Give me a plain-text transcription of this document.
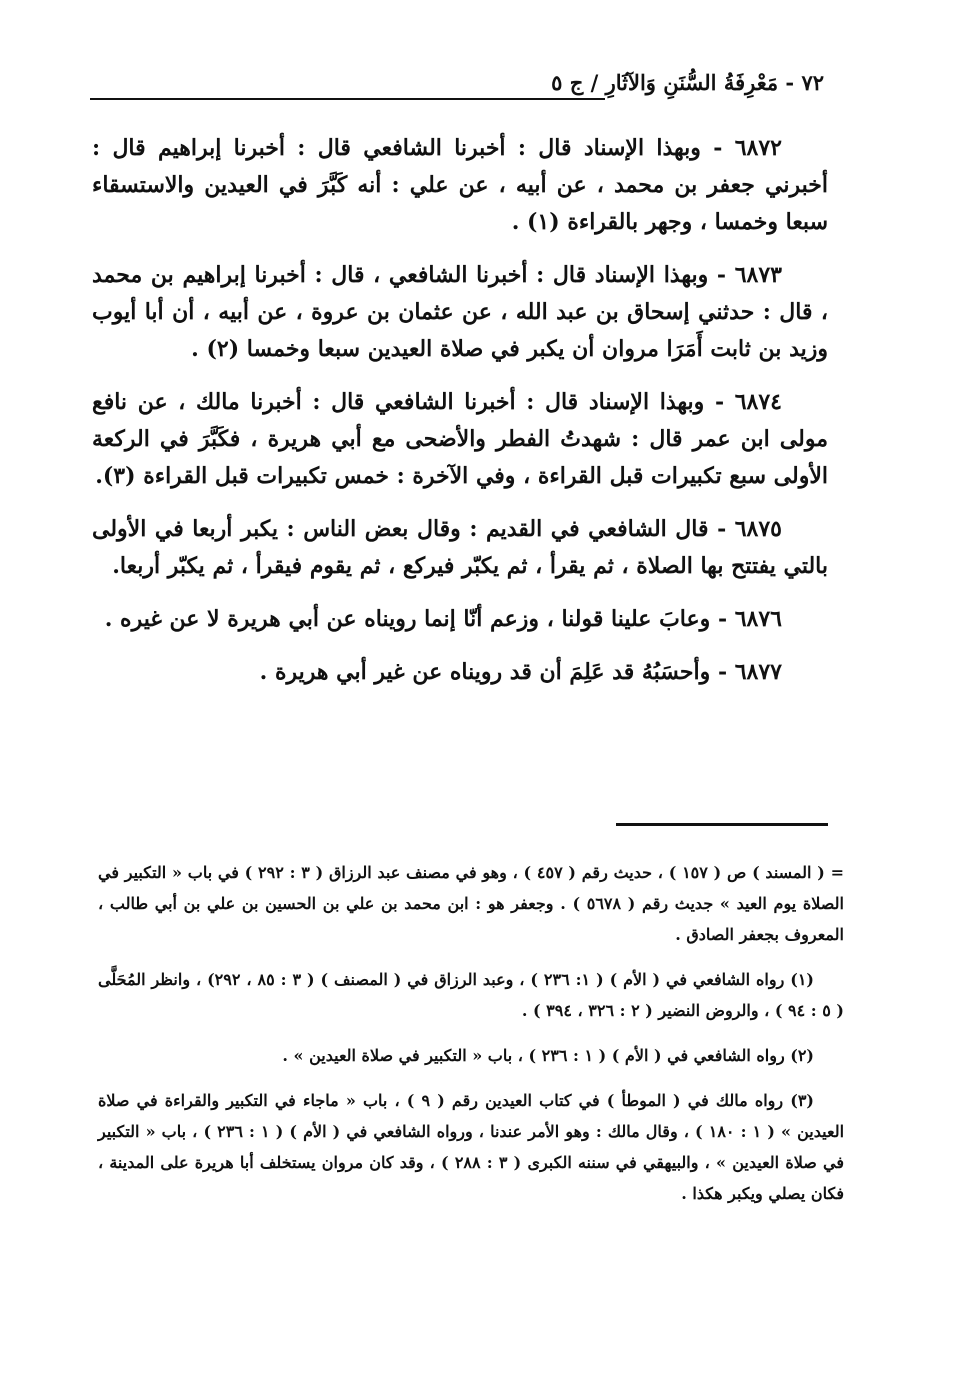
٧٢ - مَعْرِفَةُ السُّنَنِ وَالآثَارِ / ج ٥

٦٨٧٢ - وبهذا الإسناد قال : أخبرنا الشافعي قال : أخبرنا إبراهيم قال : أخبرني جعفر بن محمد ، عن أبيه ، عن علي : أنه كَبَّرَ في العيدين والاستسقاء سبعا وخمسا ، وجهر بالقراءة (١) .

٦٨٧٣ - وبهذا الإسناد قال : أخبرنا الشافعي ، قال : أخبرنا إبراهيم بن محمد ، قال : حدثني إسحاق بن عبد الله ، عن عثمان بن عروة ، عن أبيه ، أن أبا أيوب وزيد بن ثابت أَمَرَا مروان أن يكبر في صلاة العيدين سبعا وخمسا (٢) .

٦٨٧٤ - وبهذا الإسناد قال : أخبرنا الشافعي قال : أخبرنا مالك ، عن نافع مولى ابن عمر قال : شهدتُ الفطر والأضحى مع أبي هريرة ، فكَبَّرَ في الركعة الأولى سبع تكبيرات قبل القراءة ، وفي الآخرة : خمس تكبيرات قبل القراءة (٣).

٦٨٧٥ - قال الشافعي في القديم : وقال بعض الناس : يكبر أربعا في الأولى بالتي يفتتح بها الصلاة ، ثم يقرأ ، ثم يكبّر فيركع ، ثم يقوم فيقرأ ، ثم يكبّر أربعا.

٦٨٧٦ - وعابَ علينا قولنا ، وزعم أنّا إنما رويناه عن أبي هريرة لا عن غيره .

٦٨٧٧ - وأحسَبُهُ قد عَلِمَ أن قد رويناه عن غير أبي هريرة .

= ( المسند ) ص ( ١٥٧ ) ، حديث رقم ( ٤٥٧ ) ، وهو في مصنف عبد الرزاق ( ٣ : ٢٩٢ ) في باب « التكبير في الصلاة يوم العيد » جديث رقم ( ٥٦٧٨ ) . وجعفر هو : ابن محمد بن علي بن الحسين بن علي بن أبي طالب ، المعروف بجعفر الصادق .

(١) رواه الشافعي في ( الأم ) ( ١: ٢٣٦ ) ، وعبد الرزاق في ( المصنف ) ( ٣ : ٨٥ ، ٢٩٢) ، وانظر المُحَلَّى ( ٥ : ٩٤ ) ، والروض النضير ( ٢ : ٣٢٦ ، ٣٩٤ ) .

(٢) رواه الشافعي في ( الأم ) ( ١ : ٢٣٦ ) ، باب « التكبير في صلاة العيدين » .

(٣) رواه مالك في ( الموطأ ) في كتاب العيدين رقم ( ٩ ) ، باب « ماجاء في التكبير والقراءة في صلاة العيدين » ( ١ : ١٨٠ ) ، وقال مالك : وهو الأمر عندنا ، ورواه الشافعي في ( الأم ) ( ١ : ٢٣٦ ) ، باب « التكبير في صلاة العيدين » ، والبيهقي في سننه الكبرى ( ٣ : ٢٨٨ ) ، وقد كان مروان يستخلف أبا هريرة على المدينة ، فكان يصلي ويكبر هكذا .
